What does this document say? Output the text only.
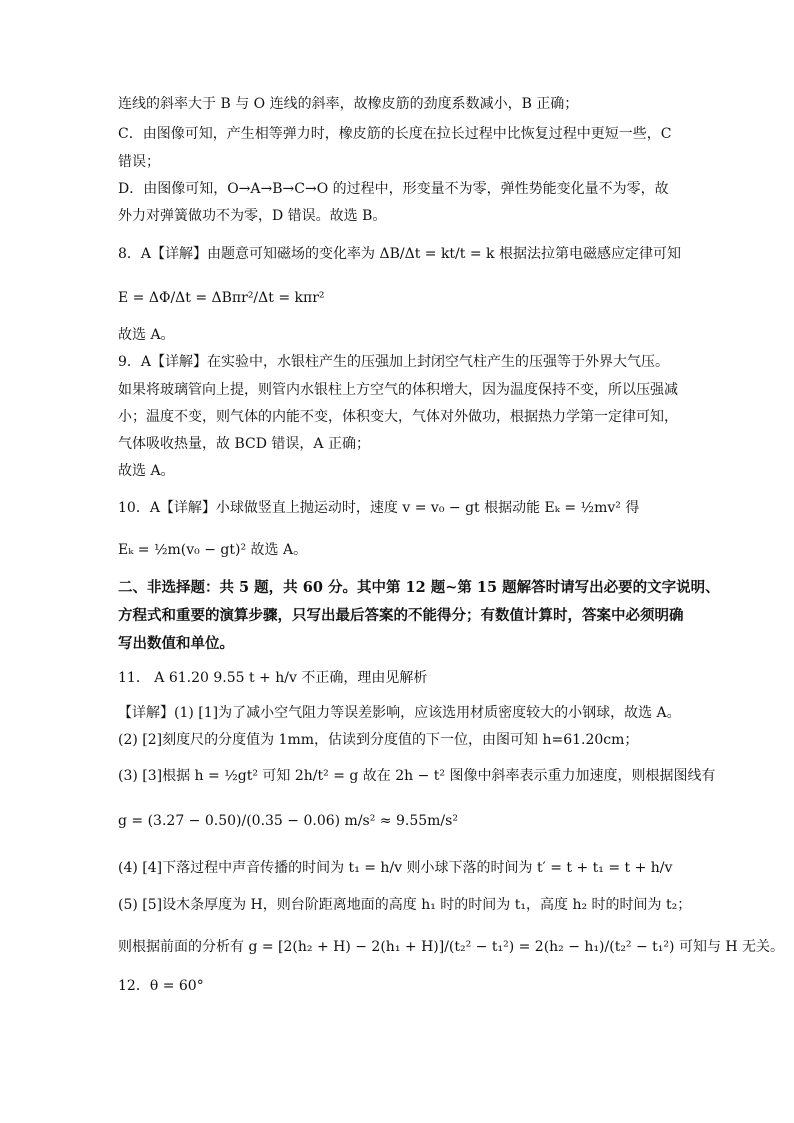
连线的斜率大于 B 与 O 连线的斜率，故橡皮筋的劲度系数减小，B 正确；
C．由图像可知，产生相等弹力时，橡皮筋的长度在拉长过程中比恢复过程中更短一些，C
错误；
D．由图像可知，O→A→B→C→O 的过程中，形变量不为零，弹性势能变化量不为零，故
外力对弹簧做功不为零，D 错误。故选 B。
8．A【详解】由题意可知磁场的变化率为 ΔB/Δt = kt/t = k 根据法拉第电磁感应定律可知
E = ΔΦ/Δt = ΔBπr²/Δt = kπr²
故选 A。
9．A【详解】在实验中，水银柱产生的压强加上封闭空气柱产生的压强等于外界大气压。
如果将玻璃管向上提，则管内水银柱上方空气的体积增大，因为温度保持不变，所以压强减
小；温度不变，则气体的内能不变，体积变大，气体对外做功，根据热力学第一定律可知，
气体吸收热量，故 BCD 错误，A 正确；
故选 A。
10．A【详解】小球做竖直上抛运动时，速度 v = v₀ − gt 根据动能 Eₖ = ½mv² 得
Eₖ = ½m(v₀ − gt)² 故选 A。
二、非选择题：共 5 题，共 60 分。其中第 12 题~第 15 题解答时请写出必要的文字说明、
方程式和重要的演算步骤，只写出最后答案的不能得分；有数值计算时，答案中必须明确
写出数值和单位。
11． A 61.20 9.55 t + h/v 不正确，理由见解析
【详解】(1) [1]为了减小空气阻力等误差影响，应该选用材质密度较大的小钢球，故选 A。
(2) [2]刻度尺的分度值为 1mm，估读到分度值的下一位，由图可知 h=61.20cm；
(3) [3]根据 h = ½gt² 可知 2h/t² = g 故在 2h − t² 图像中斜率表示重力加速度，则根据图线有
g = (3.27 − 0.50)/(0.35 − 0.06) m/s² ≈ 9.55m/s²
(4) [4]下落过程中声音传播的时间为 t₁ = h/v 则小球下落的时间为 t′ = t + t₁ = t + h/v
(5) [5]设木条厚度为 H，则台阶距离地面的高度 h₁ 时的时间为 t₁，高度 h₂ 时的时间为 t₂；
则根据前面的分析有 g = [2(h₂ + H) − 2(h₁ + H)]/(t₂² − t₁²) = 2(h₂ − h₁)/(t₂² − t₁²) 可知与 H 无关。
12．θ = 60°
